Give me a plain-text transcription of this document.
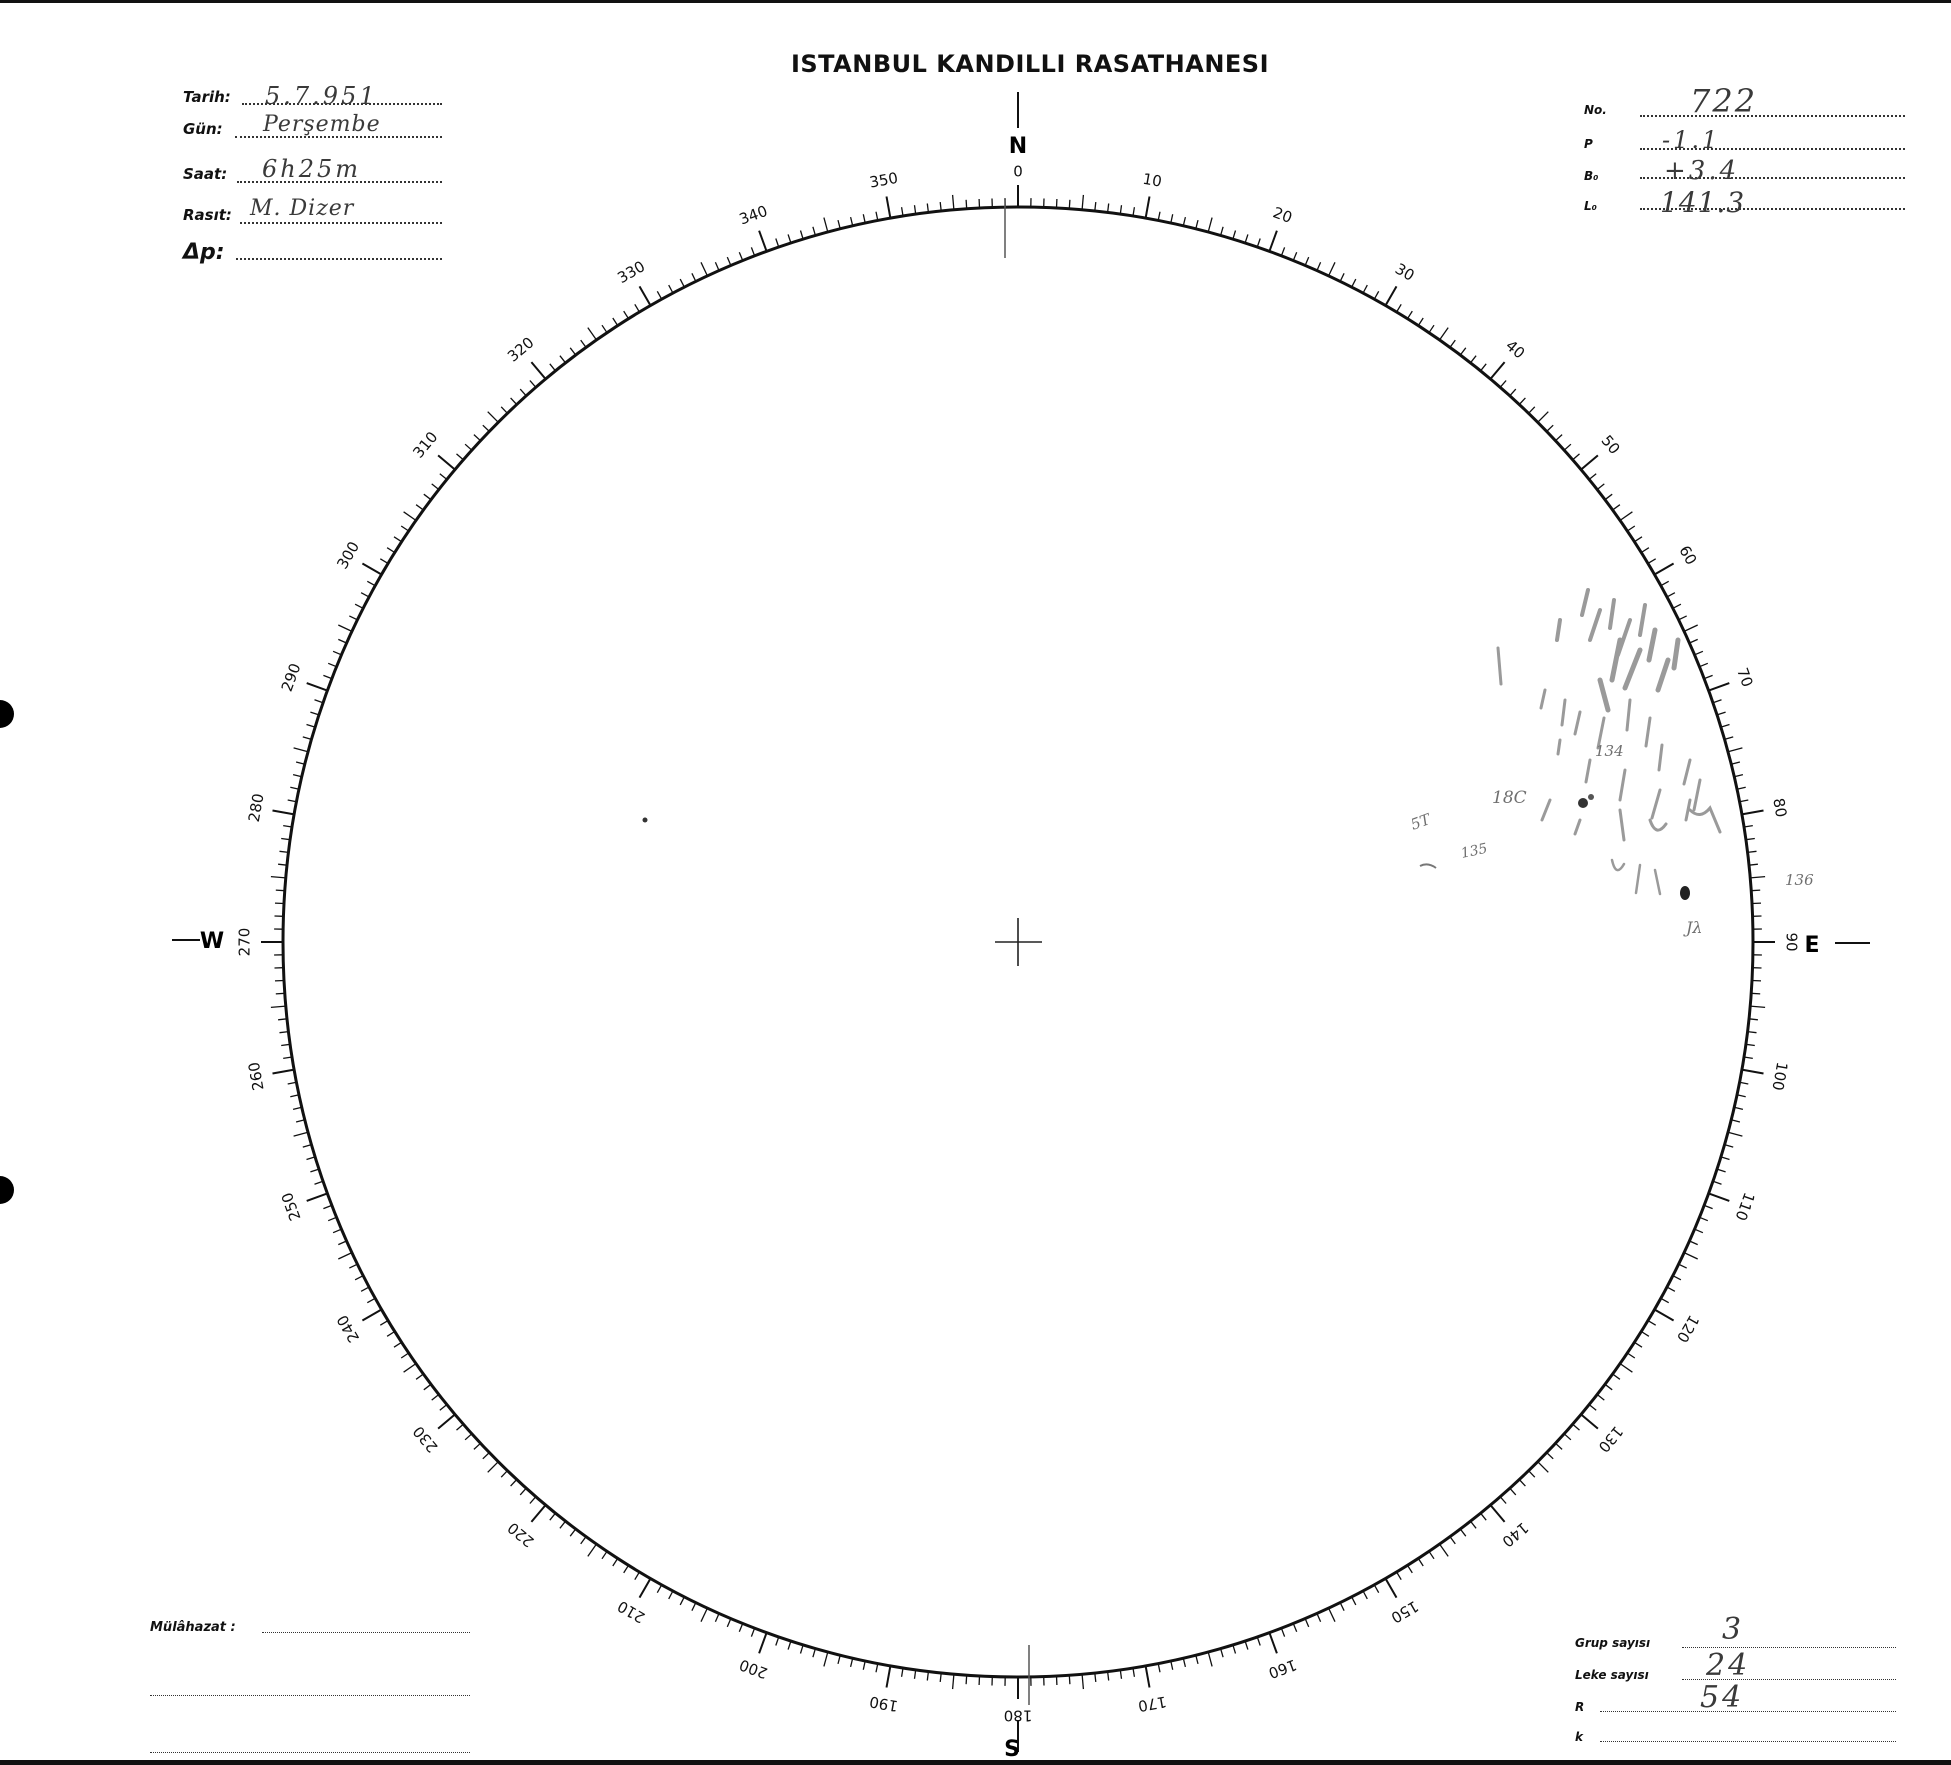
ISTANBUL KANDILLI RASATHANESI
Tarih: 5.7.951
Gün: Perşembe
Saat: 6h25m
Rasıt: M. Dizer
Δp:
No.	722
P	-1.1
B₀	+3.4
L₀ 141.3
10
20
30
40
50
60
70
80
90
100
110
120
130
140
150
160
170
180
190
200
210
220
230
240
250
260
270
280
290
300
310
320
330
340
350	0
N
S
E
W
18C
134
135
5T
136
Jλ
Mülâhazat :
Grup sayısı 3
Leke sayısı 24
R	54
k
